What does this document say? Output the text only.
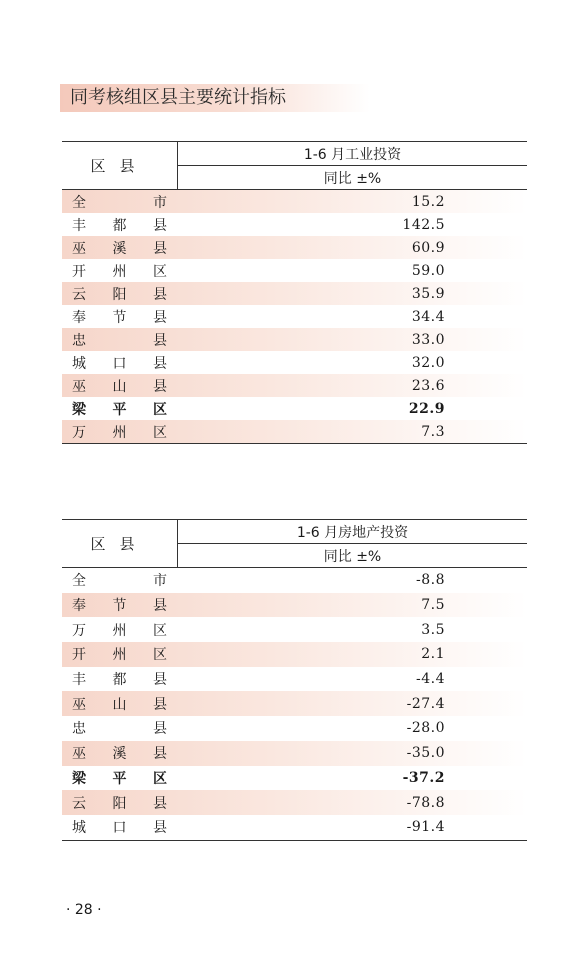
同考核组区县主要统计指标
区县
1-6 月工业投资
同比 ±%
全	市	15.2
丰 都 县	142.5
巫 溪 县	60.9
开 州 区	59.0
云 阳 县	35.9
奉 节 县	34.4
忠	县	33.0
城 口 县	32.0
巫 山 县	23.6
梁 平 区	22.9
万 州 区	7.3
区县
1-6 月房地产投资
同比 ±%
全	市	-8.8
奉 节 县	7.5
万 州 区	3.5
开 州 区	2.1
丰 都 县	-4.4
巫 山 县	-27.4
忠	县	-28.0
巫 溪 县	-35.0
梁 平 区	-37.2
云 阳 县	-78.8
城 口 县	-91.4
· 28 ·
